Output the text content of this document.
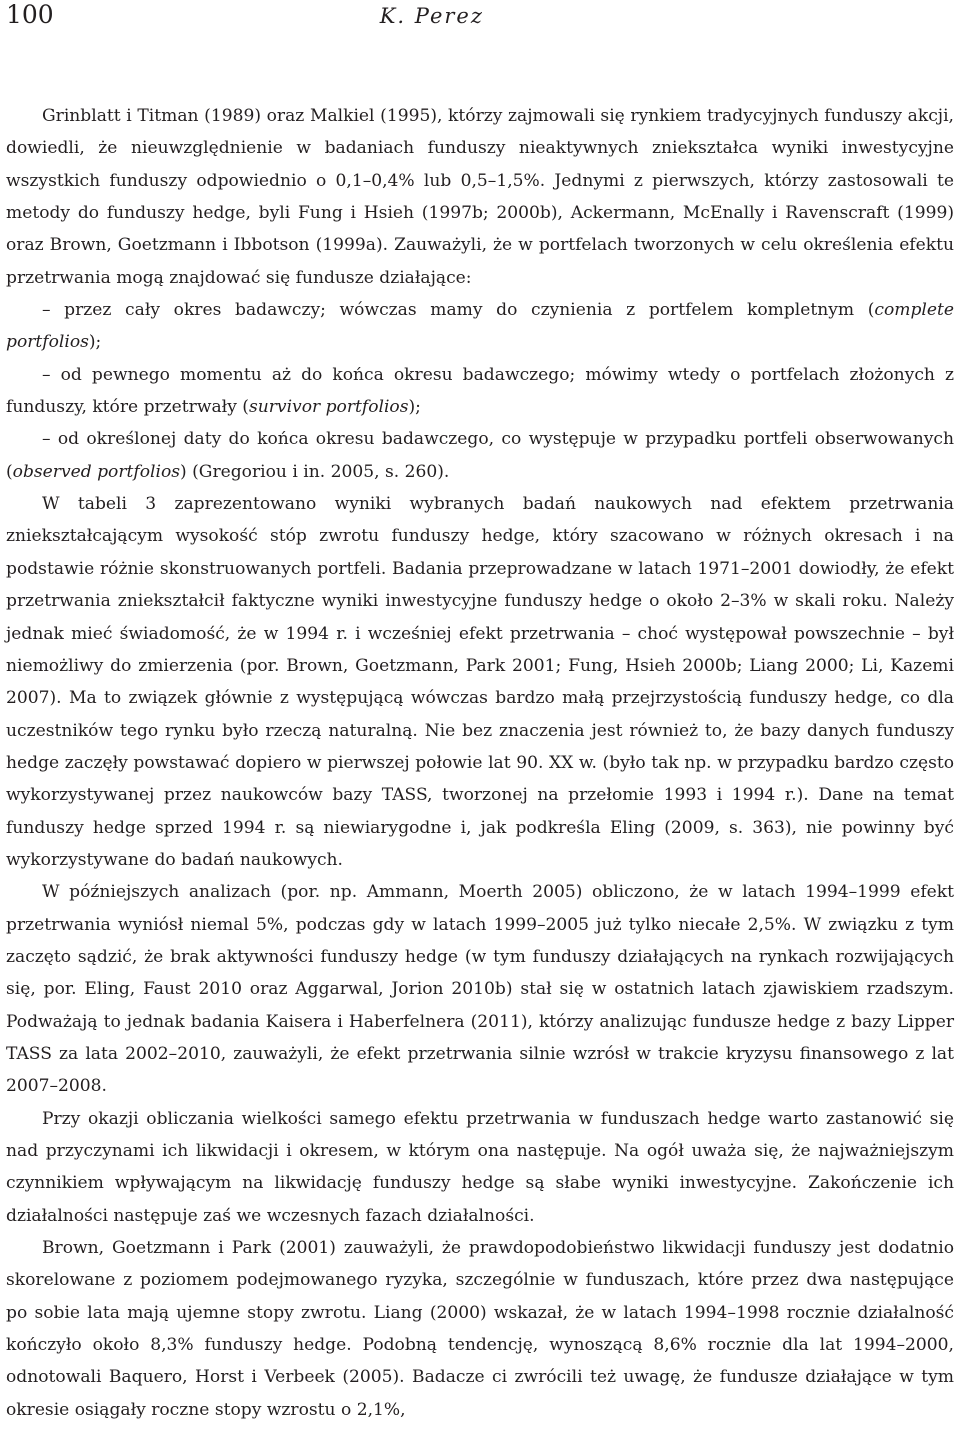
100	K. Perez

Grinblatt i Titman (1989) oraz Malkiel (1995), którzy zajmowali się rynkiem tradycyjnych funduszy akcji, dowiedli, że nieuwzględnienie w badaniach funduszy nieaktywnych zniekształca wyniki inwestycyjne wszystkich funduszy odpowiednio o 0,1–0,4% lub 0,5–1,5%. Jednymi z pierwszych, którzy zastosowali te metody do funduszy hedge, byli Fung i Hsieh (1997b; 2000b), Ackermann, McEnally i Ravenscraft (1999) oraz Brown, Goetzmann i Ibbotson (1999a). Zauważyli, że w portfelach tworzonych w celu określenia efektu przetrwania mogą znajdować się fundusze działające:

– przez cały okres badawczy; wówczas mamy do czynienia z portfelem kompletnym (complete portfolios);

– od pewnego momentu aż do końca okresu badawczego; mówimy wtedy o portfelach złożonych z funduszy, które przetrwały (survivor portfolios);

– od określonej daty do końca okresu badawczego, co występuje w przypadku portfeli obserwowanych (observed portfolios) (Gregoriou i in. 2005, s. 260).

W tabeli 3 zaprezentowano wyniki wybranych badań naukowych nad efektem przetrwania zniekształcającym wysokość stóp zwrotu funduszy hedge, który szacowano w różnych okresach i na podstawie różnie skonstruowanych portfeli. Badania przeprowadzane w latach 1971–2001 dowiodły, że efekt przetrwania zniekształcił faktyczne wyniki inwestycyjne funduszy hedge o około 2–3% w skali roku. Należy jednak mieć świadomość, że w 1994 r. i wcześniej efekt przetrwania – choć występował powszechnie – był niemożliwy do zmierzenia (por. Brown, Goetzmann, Park 2001; Fung, Hsieh 2000b; Liang 2000; Li, Kazemi 2007). Ma to związek głównie z występującą wówczas bardzo małą przejrzystością funduszy hedge, co dla uczestników tego rynku było rzeczą naturalną. Nie bez znaczenia jest również to, że bazy danych funduszy hedge zaczęły powstawać dopiero w pierwszej połowie lat 90. XX w. (było tak np. w przypadku bardzo często wykorzystywanej przez naukowców bazy TASS, tworzonej na przełomie 1993 i 1994 r.). Dane na temat funduszy hedge sprzed 1994 r. są niewiarygodne i, jak podkreśla Eling (2009, s. 363), nie powinny być wykorzystywane do badań naukowych.

W późniejszych analizach (por. np. Ammann, Moerth 2005) obliczono, że w latach 1994–1999 efekt przetrwania wyniósł niemal 5%, podczas gdy w latach 1999–2005 już tylko niecałe 2,5%. W związku z tym zaczęto sądzić, że brak aktywności funduszy hedge (w tym funduszy działających na rynkach rozwijających się, por. Eling, Faust 2010 oraz Aggarwal, Jorion 2010b) stał się w ostatnich latach zjawiskiem rzadszym. Podważają to jednak badania Kaisera i Haberfelnera (2011), którzy analizując fundusze hedge z bazy Lipper TASS za lata 2002–2010, zauważyli, że efekt przetrwania silnie wzrósł w trakcie kryzysu finansowego z lat 2007–2008.

Przy okazji obliczania wielkości samego efektu przetrwania w funduszach hedge warto zastanowić się nad przyczynami ich likwidacji i okresem, w którym ona następuje. Na ogół uważa się, że najważniejszym czynnikiem wpływającym na likwidację funduszy hedge są słabe wyniki inwestycyjne. Zakończenie ich działalności następuje zaś we wczesnych fazach działalności.

Brown, Goetzmann i Park (2001) zauważyli, że prawdopodobieństwo likwidacji funduszy jest dodatnio skorelowane z poziomem podejmowanego ryzyka, szczególnie w funduszach, które przez dwa następujące po sobie lata mają ujemne stopy zwrotu. Liang (2000) wskazał, że w latach 1994–1998 rocznie działalność kończyło około 8,3% funduszy hedge. Podobną tendencję, wynoszącą 8,6% rocznie dla lat 1994–2000, odnotowali Baquero, Horst i Verbeek (2005). Badacze ci zwrócili też uwagę, że fundusze działające w tym okresie osiągały roczne stopy wzrostu o 2,1%,
